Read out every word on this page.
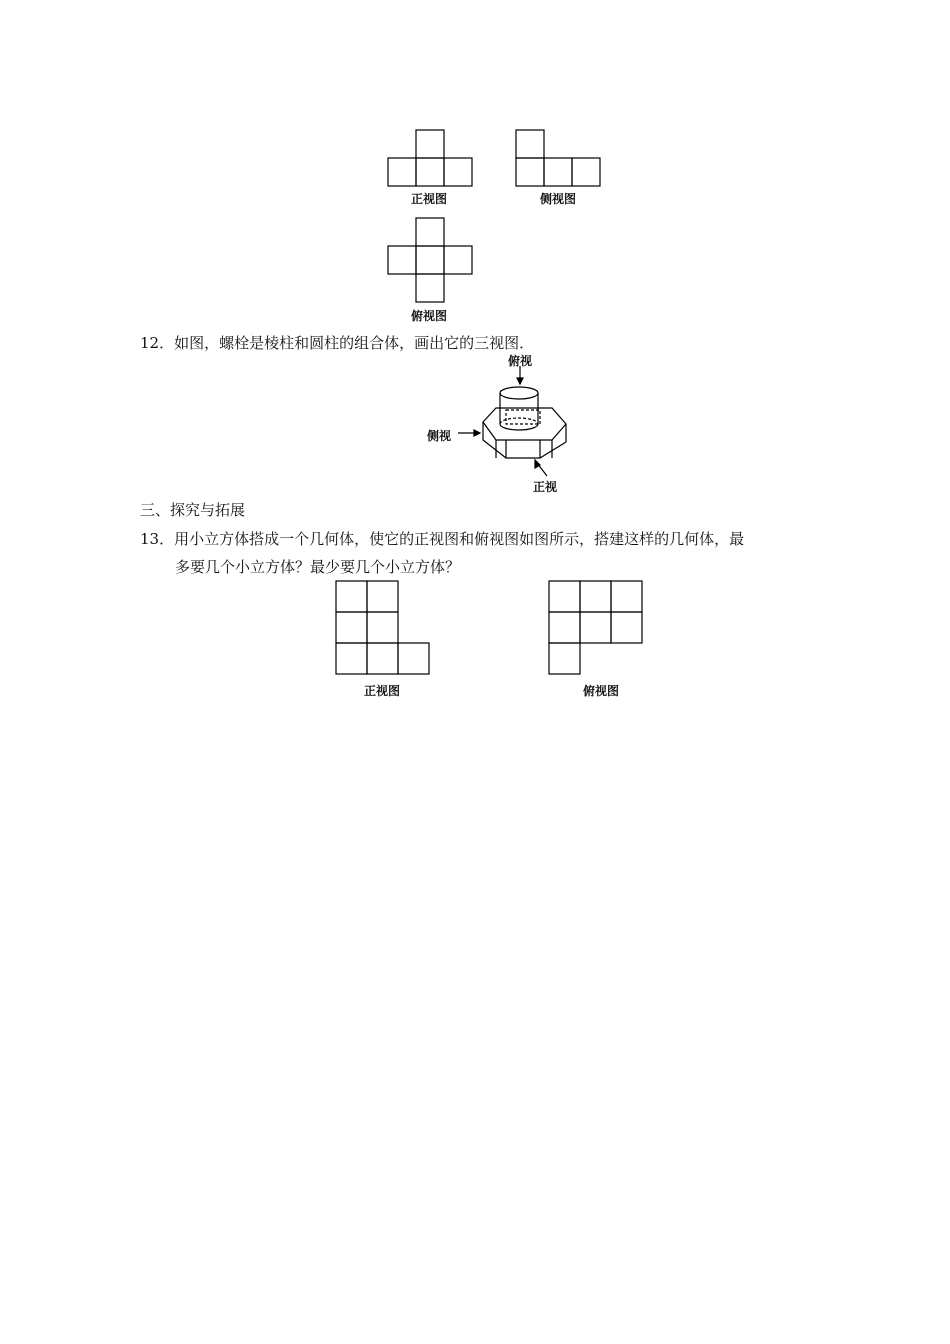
正视图	侧视图
俯视图
12．如图，螺栓是棱柱和圆柱的组合体，画出它的三视图．
俯视
侧视
正视
三、探究与拓展
13．用小立方体搭成一个几何体，使它的正视图和俯视图如图所示，搭建这样的几何体，最
多要几个小立方体？最少要几个小立方体？
正视图	俯视图
